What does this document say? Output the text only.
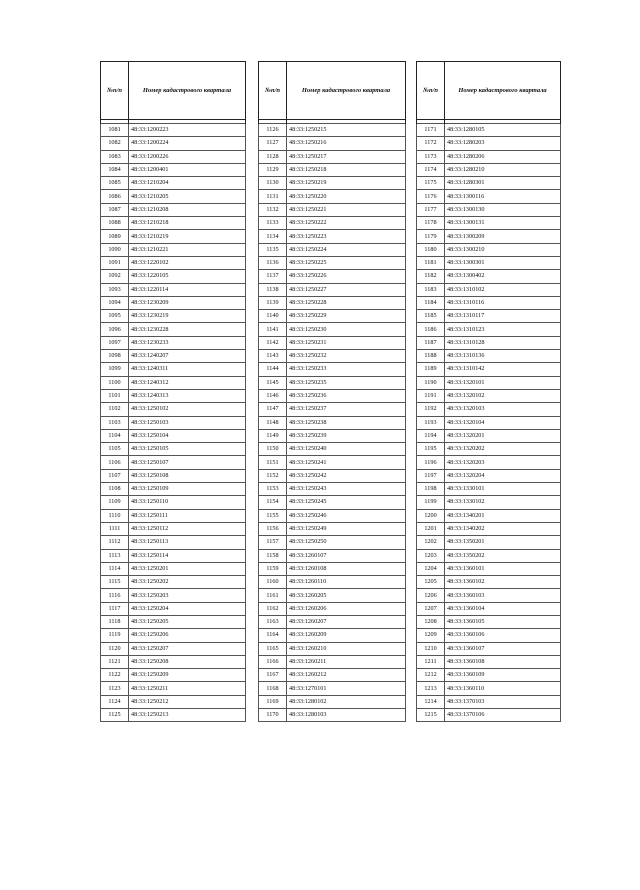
№п/п	Номер кадастрового квартала

1081	48:33:1200223
1082	48:33:1200224
1083	48:33:1200226
1084	48:33:1200401
1085	48:33:1210204
1086	48:33:1210205
1087	48:33:1210208
1088	48:33:1210218
1089	48:33:1210219
1090	48:33:1210221
1091	48:33:1220102
1092	48:33:1220105
1093	48:33:1220114
1094	48:33:1230209
1095	48:33:1230219
1096	48:33:1230228
1097	48:33:1230233
1098	48:33:1240207
1099	48:33:1240311
1100	48:33:1240312
1101	48:33:1240313
1102	48:33:1250102
1103	48:33:1250103
1104	48:33:1250104
1105	48:33:1250105
1106	48:33:1250107
1107	48:33:1250108
1108	48:33:1250109
1109	48:33:1250110
1110	48:33:1250111
1111	48:33:1250112
1112	48:33:1250113
1113	48:33:1250114
1114	48:33:1250201
1115	48:33:1250202
1116	48:33:1250203
1117	48:33:1250204
1118	48:33:1250205
1119	48:33:1250206
1120	48:33:1250207
1121	48:33:1250208
1122	48:33:1250209
1123	48:33:1250211
1124	48:33:1250212
1125	48:33:1250213
№п/п	Номер кадастрового квартала

1126	48:33:1250215
1127	48:33:1250216
1128	48:33:1250217
1129	48:33:1250218
1130	48:33:1250219
1131	48:33:1250220
1132	48:33:1250221
1133	48:33:1250222
1134	48:33:1250223
1135	48:33:1250224
1136	48:33:1250225
1137	48:33:1250226
1138	48:33:1250227
1139	48:33:1250228
1140	48:33:1250229
1141	48:33:1250230
1142	48:33:1250231
1143	48:33:1250232
1144	48:33:1250233
1145	48:33:1250235
1146	48:33:1250236
1147	48:33:1250237
1148	48:33:1250238
1149	48:33:1250239
1150	48:33:1250240
1151	48:33:1250241
1152	48:33:1250242
1153	48:33:1250243
1154	48:33:1250245
1155	48:33:1250246
1156	48:33:1250249
1157	48:33:1250250
1158	48:33:1260107
1159	48:33:1260108
1160	48:33:1260110
1161	48:33:1260205
1162	48:33:1260206
1163	48:33:1260207
1164	48:33:1260209
1165	48:33:1260210
1166	48:33:1260211
1167	48:33:1260212
1168	48:33:1270101
1169	48:33:1280102
1170	48:33:1280103
№п/п	Номер кадастрового квартала

1171	48:33:1280105
1172	48:33:1280203
1173	48:33:1280206
1174	48:33:1280210
1175	48:33:1280301
1176	48:33:1300116
1177	48:33:1300130
1178	48:33:1300131
1179	48:33:1300209
1180	48:33:1300210
1181	48:33:1300301
1182	48:33:1300402
1183	48:33:1310102
1184	48:33:1310116
1185	48:33:1310117
1186	48:33:1310123
1187	48:33:1310128
1188	48:33:1310136
1189	48:33:1310142
1190	48:33:1320101
1191	48:33:1320102
1192	48:33:1320103
1193	48:33:1320104
1194	48:33:1320201
1195	48:33:1320202
1196	48:33:1320203
1197	48:33:1320204
1198	48:33:1330101
1199	48:33:1330102
1200	48:33:1340201
1201	48:33:1340202
1202	48:33:1350201
1203	48:33:1350202
1204	48:33:1360101
1205	48:33:1360102
1206	48:33:1360103
1207	48:33:1360104
1208	48:33:1360105
1209	48:33:1360106
1210	48:33:1360107
1211	48:33:1360108
1212	48:33:1360109
1213	48:33:1360110
1214	48:33:1370103
1215	48:33:1370106
